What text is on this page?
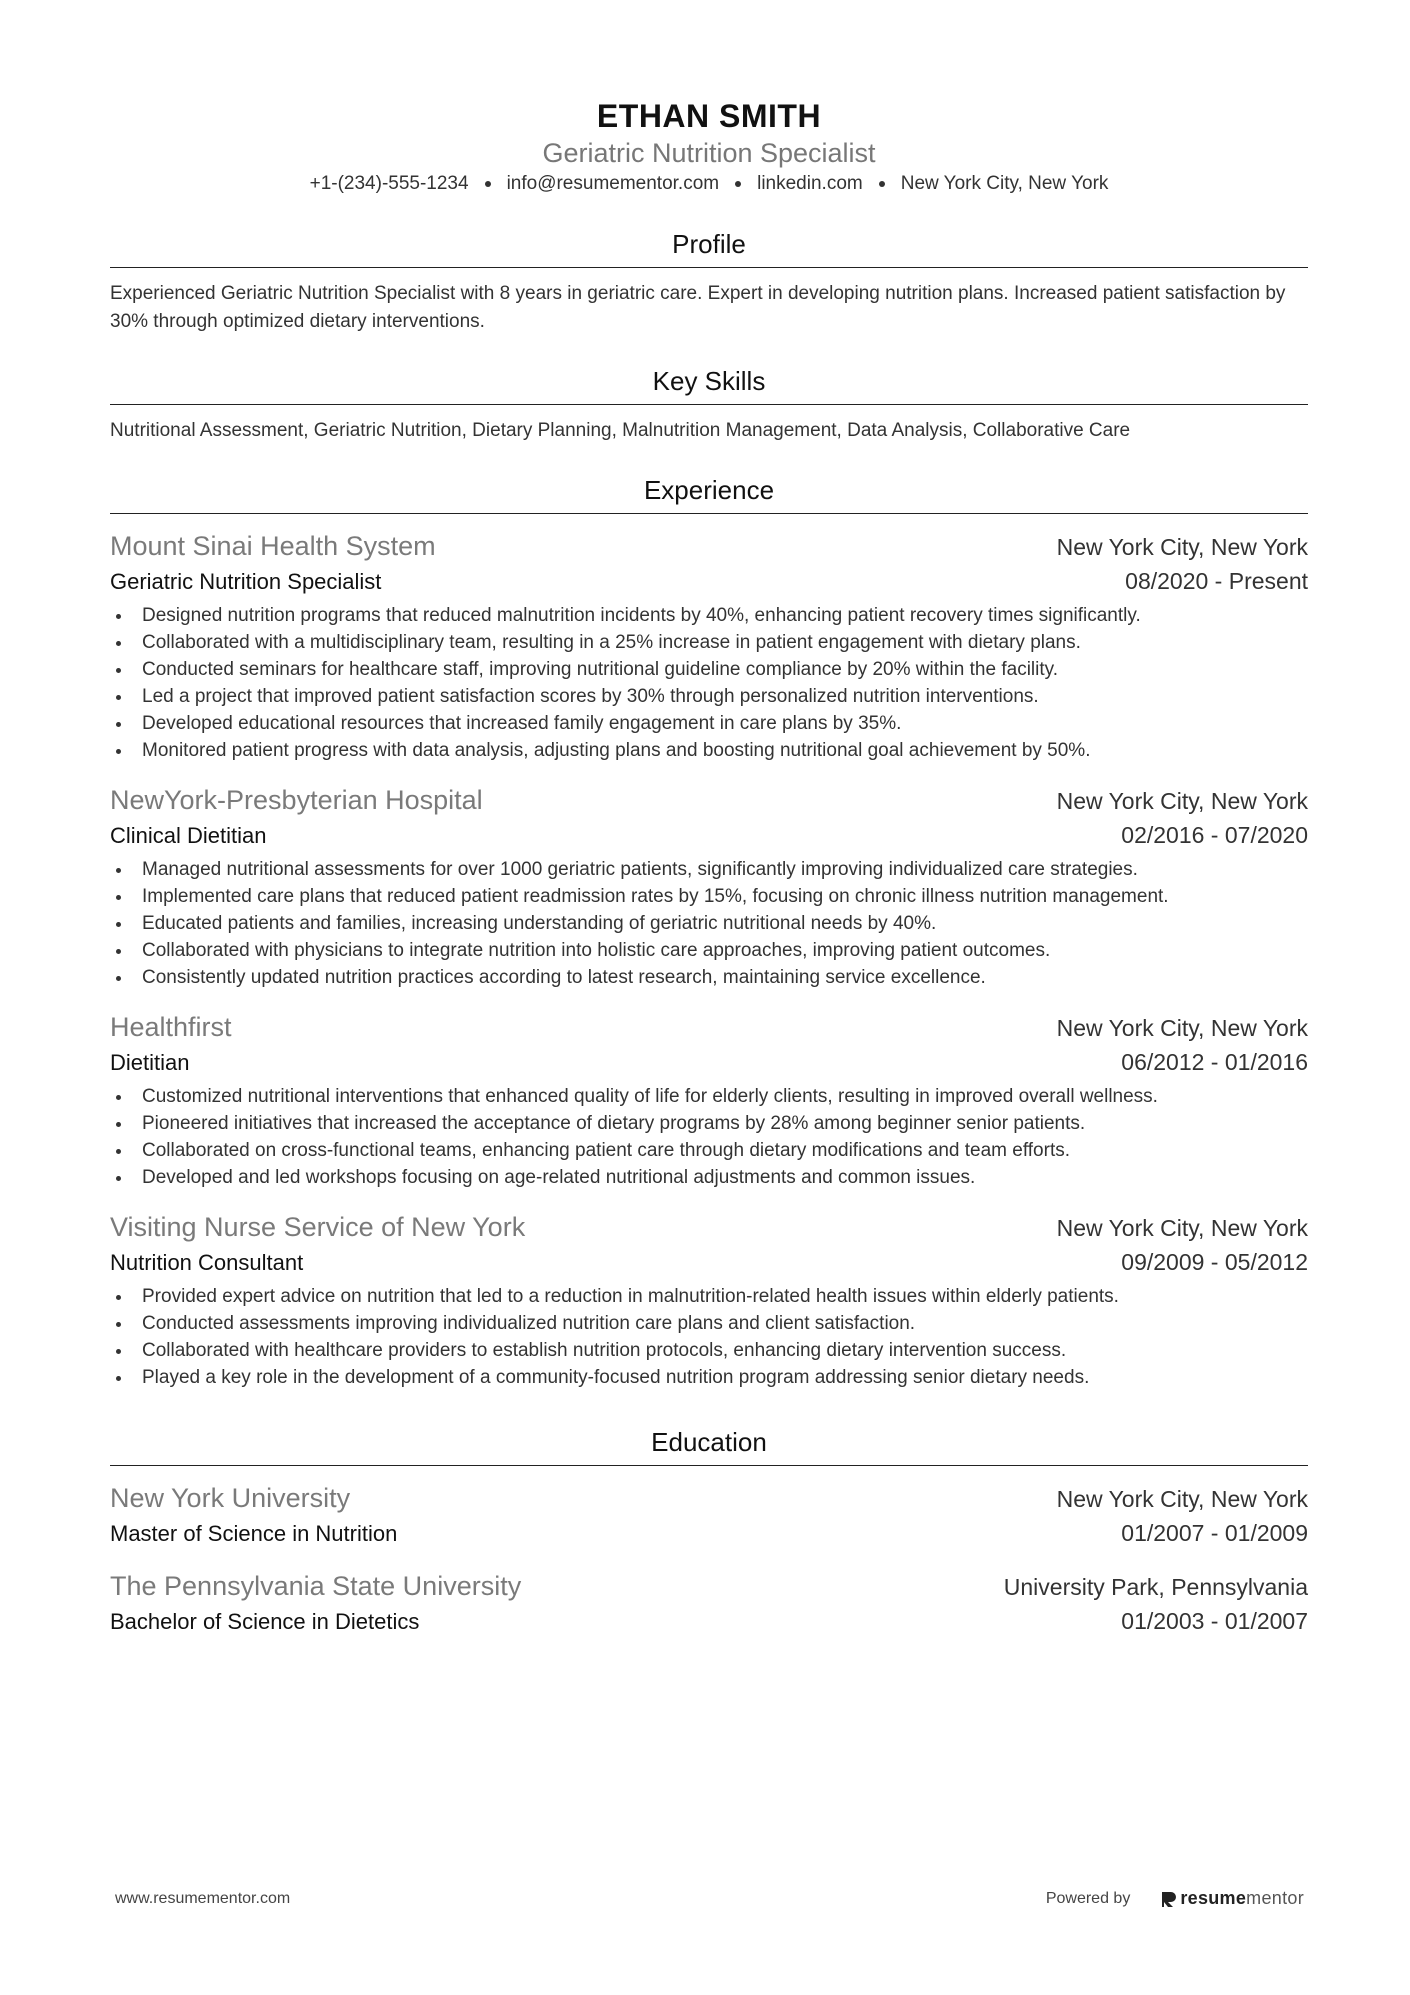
ETHAN SMITH
Geriatric Nutrition Specialist
+1-(234)-555-1234 info@resumementor.com linkedin.com New York City, New York
Profile
Experienced Geriatric Nutrition Specialist with 8 years in geriatric care. Expert in developing nutrition plans. Increased patient satisfaction by 30% through optimized dietary interventions.
Key Skills
Nutritional Assessment, Geriatric Nutrition, Dietary Planning, Malnutrition Management, Data Analysis, Collaborative Care
Experience
Mount Sinai Health System	New York City, New York
Geriatric Nutrition Specialist	08/2020 - Present
Designed nutrition programs that reduced malnutrition incidents by 40%, enhancing patient recovery times significantly.
Collaborated with a multidisciplinary team, resulting in a 25% increase in patient engagement with dietary plans.
Conducted seminars for healthcare staff, improving nutritional guideline compliance by 20% within the facility.
Led a project that improved patient satisfaction scores by 30% through personalized nutrition interventions.
Developed educational resources that increased family engagement in care plans by 35%.
Monitored patient progress with data analysis, adjusting plans and boosting nutritional goal achievement by 50%.
NewYork-Presbyterian Hospital	New York City, New York
Clinical Dietitian	02/2016 - 07/2020
Managed nutritional assessments for over 1000 geriatric patients, significantly improving individualized care strategies.
Implemented care plans that reduced patient readmission rates by 15%, focusing on chronic illness nutrition management.
Educated patients and families, increasing understanding of geriatric nutritional needs by 40%.
Collaborated with physicians to integrate nutrition into holistic care approaches, improving patient outcomes.
Consistently updated nutrition practices according to latest research, maintaining service excellence.
Healthfirst	New York City, New York
Dietitian	06/2012 - 01/2016
Customized nutritional interventions that enhanced quality of life for elderly clients, resulting in improved overall wellness.
Pioneered initiatives that increased the acceptance of dietary programs by 28% among beginner senior patients.
Collaborated on cross-functional teams, enhancing patient care through dietary modifications and team efforts.
Developed and led workshops focusing on age-related nutritional adjustments and common issues.
Visiting Nurse Service of New York	New York City, New York
Nutrition Consultant	09/2009 - 05/2012
Provided expert advice on nutrition that led to a reduction in malnutrition-related health issues within elderly patients.
Conducted assessments improving individualized nutrition care plans and client satisfaction.
Collaborated with healthcare providers to establish nutrition protocols, enhancing dietary intervention success.
Played a key role in the development of a community-focused nutrition program addressing senior dietary needs.
Education
New York University	New York City, New York
Master of Science in Nutrition	01/2007 - 01/2009
The Pennsylvania State University	University Park, Pennsylvania
Bachelor of Science in Dietetics	01/2003 - 01/2007
www.resumementor.com	Powered by	resume mentor
